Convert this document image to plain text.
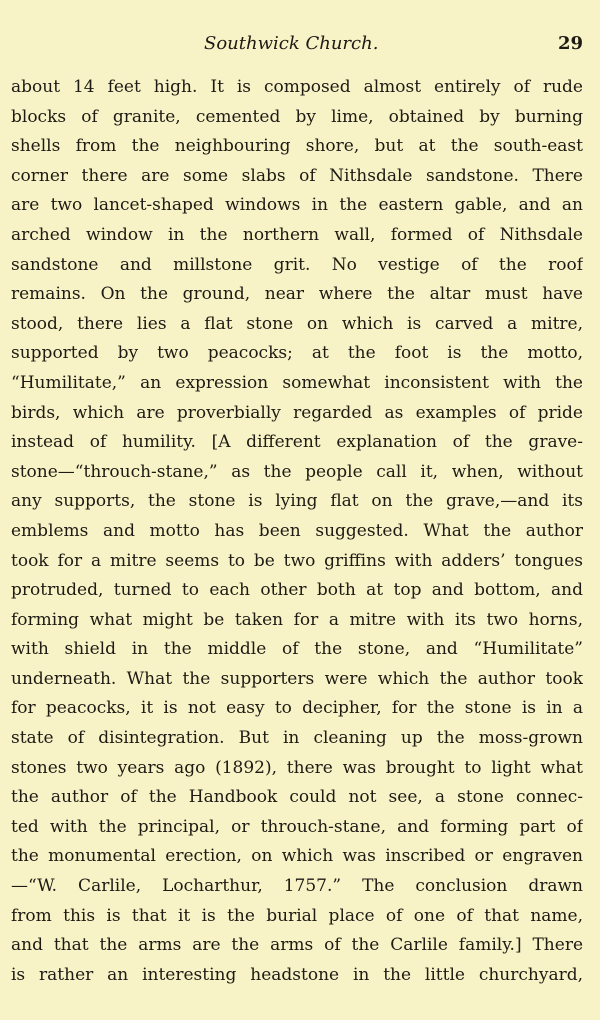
Southwick Church.	29
about 14 feet high. It is composed almost entirely of rude
blocks of granite, cemented by lime, obtained by burning
shells from the neighbouring shore, but at the south-east
corner there are some slabs of Nithsdale sandstone. There
are two lancet-shaped windows in the eastern gable, and an
arched window in the northern wall, formed of Nithsdale
sandstone and millstone grit. No vestige of the roof
remains. On the ground, near where the altar must have
stood, there lies a flat stone on which is carved a mitre,
supported by two peacocks; at the foot is the motto,
“Humilitate,” an expression somewhat inconsistent with the
birds, which are proverbially regarded as examples of pride
instead of humility. [A different explanation of the grave-
stone—“throuch-stane,” as the people call it, when, without
any supports, the stone is lying flat on the grave,—and its
emblems and motto has been suggested. What the author
took for a mitre seems to be two griffins with adders’ tongues
protruded, turned to each other both at top and bottom, and
forming what might be taken for a mitre with its two horns,
with shield in the middle of the stone, and “Humilitate”
underneath. What the supporters were which the author took
for peacocks, it is not easy to decipher, for the stone is in a
state of disintegration. But in cleaning up the moss-grown
stones two years ago (1892), there was brought to light what
the author of the Handbook could not see, a stone connec-
ted with the principal, or throuch-stane, and forming part of
the monumental erection, on which was inscribed or engraven
—“W. Carlile, Locharthur, 1757.” The conclusion drawn
from this is that it is the burial place of one of that name,
and that the arms are the arms of the Carlile family.] There
is rather an interesting headstone in the little churchyard,
